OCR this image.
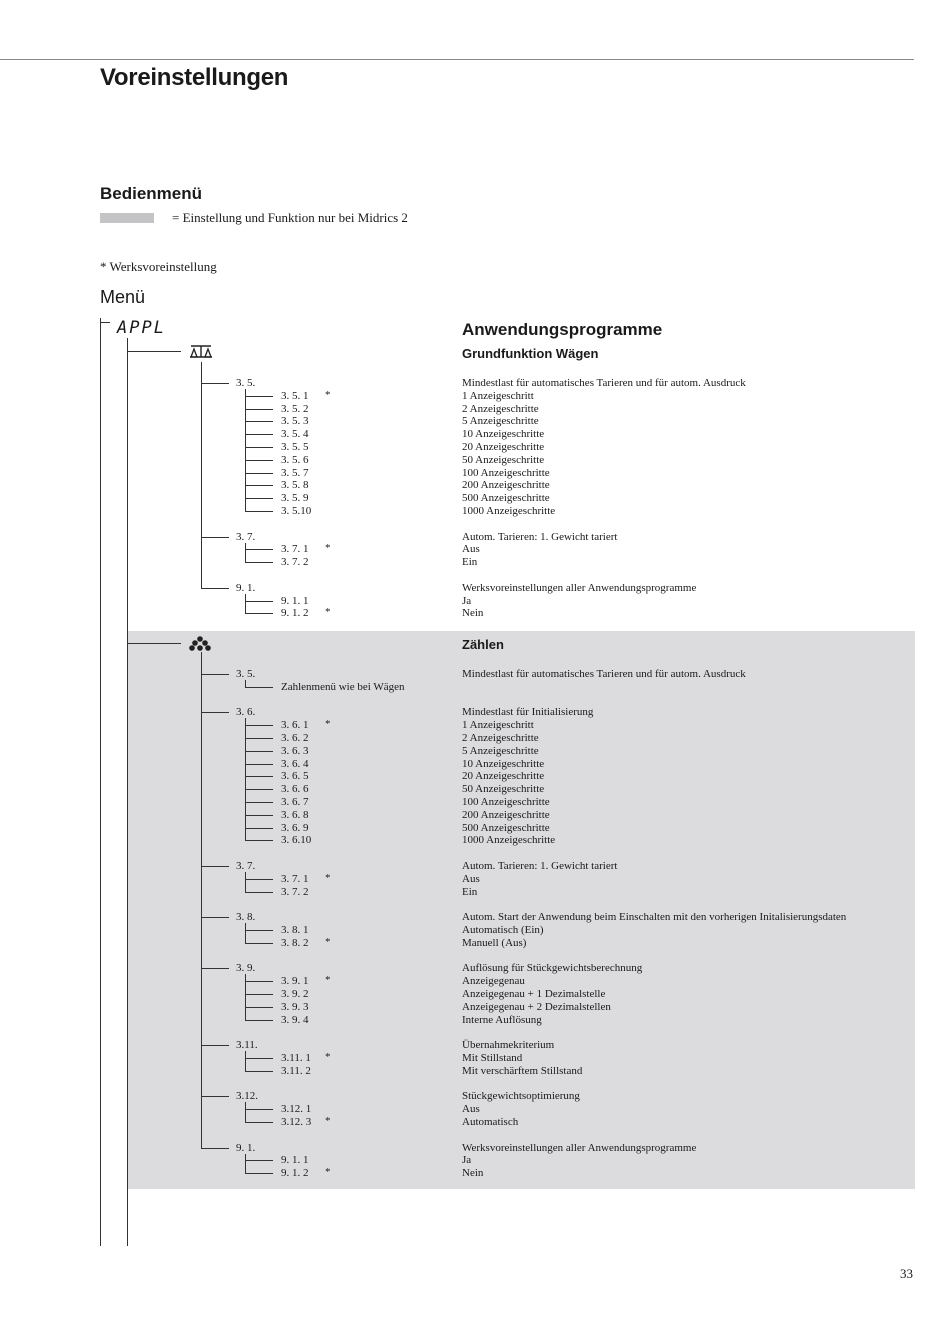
Voreinstellungen
Bedienmenü
= Einstellung und Funktion nur bei Midrics 2
* Werksvoreinstellung
Menü
APPL	Anwendungsprogramme
Grundfunktion Wägen
Zählen
3. 5.	Mindestlast für automatisches Tarieren und für autom. Ausdruck
3. 5. 1 *	1 Anzeigeschritt
3. 5. 2	2 Anzeigeschritte
3. 5. 3	5 Anzeigeschritte
3. 5. 4	10 Anzeigeschritte
3. 5. 5	20 Anzeigeschritte
3. 5. 6	50 Anzeigeschritte
3. 5. 7	100 Anzeigeschritte
3. 5. 8	200 Anzeigeschritte
3. 5. 9	500 Anzeigeschritte
3. 5.10	1000 Anzeigeschritte
3. 7.	Autom. Tarieren: 1. Gewicht tariert
3. 7. 1 *	Aus
3. 7. 2	Ein
9. 1.	Werksvoreinstellungen aller Anwendungsprogramme
9. 1. 1	Ja
9. 1. 2 *	Nein
3. 5.	Mindestlast für automatisches Tarieren und für autom. Ausdruck
Zahlenmenü wie bei Wägen
3. 6.	Mindestlast für Initialisierung
3. 6. 1 *	1 Anzeigeschritt
3. 6. 2	2 Anzeigeschritte
3. 6. 3	5 Anzeigeschritte
3. 6. 4	10 Anzeigeschritte
3. 6. 5	20 Anzeigeschritte
3. 6. 6	50 Anzeigeschritte
3. 6. 7	100 Anzeigeschritte
3. 6. 8	200 Anzeigeschritte
3. 6. 9	500 Anzeigeschritte
3. 6.10	1000 Anzeigeschritte
3. 7.	Autom. Tarieren: 1. Gewicht tariert
3. 7. 1 *	Aus
3. 7. 2	Ein
3. 8.	Autom. Start der Anwendung beim Einschalten mit den vorherigen Initalisierungsdaten
3. 8. 1	Automatisch (Ein)
3. 8. 2 *	Manuell (Aus)
3. 9.	Auflösung für Stückgewichtsberechnung
3. 9. 1 *	Anzeigegenau
3. 9. 2	Anzeigegenau + 1 Dezimalstelle
3. 9. 3	Anzeigegenau + 2 Dezimalstellen
3. 9. 4	Interne Auflösung
3.11.	Übernahmekriterium
3.11. 1 *	Mit Stillstand
3.11. 2	Mit verschärftem Stillstand
3.12.	Stückgewichtsoptimierung
3.12. 1	Aus
3.12. 3 *	Automatisch
9. 1.	Werksvoreinstellungen aller Anwendungsprogramme
9. 1. 1	Ja
9. 1. 2 *	Nein
33
